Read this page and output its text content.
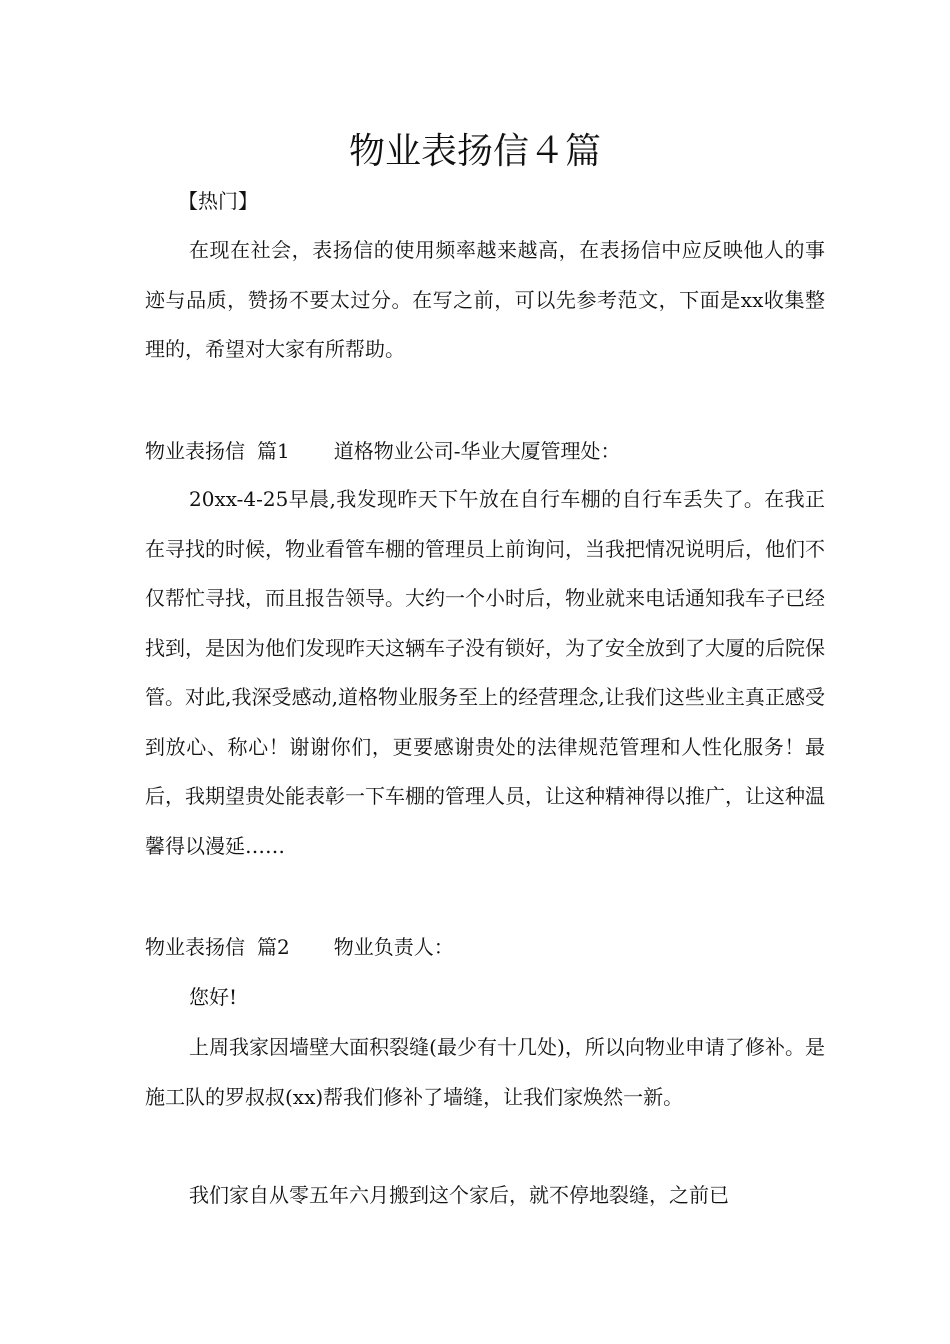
物业表扬信４篇
【热门】

在现在社会，表扬信的使用频率越来越高，在表扬信中应反映他人的事迹与品质，赞扬不要太过分。在写之前，可以先参考范文，下面是xx收集整理的，希望对大家有所帮助。

物业表扬信 篇1 道格物业公司-华业大厦管理处：

20xx-4-25早晨,我发现昨天下午放在自行车棚的自行车丢失了。在我正在寻找的时候，物业看管车棚的管理员上前询问，当我把情况说明后，他们不仅帮忙寻找，而且报告领导。大约一个小时后，物业就来电话通知我车子已经找到，是因为他们发现昨天这辆车子没有锁好，为了安全放到了大厦的后院保管。对此,我深受感动,道格物业服务至上的经营理念,让我们这些业主真正感受到放心、称心！谢谢你们，更要感谢贵处的法律规范管理和人性化服务！最后，我期望贵处能表彰一下车棚的管理人员，让这种精神得以推广，让这种温馨得以漫延……

物业表扬信 篇2 物业负责人：
您好!

上周我家因墙壁大面积裂缝(最少有十几处)，所以向物业申请了修补。是施工队的罗叔叔(xx)帮我们修补了墙缝，让我们家焕然一新。

我们家自从零五年六月搬到这个家后，就不停地裂缝，之前已
